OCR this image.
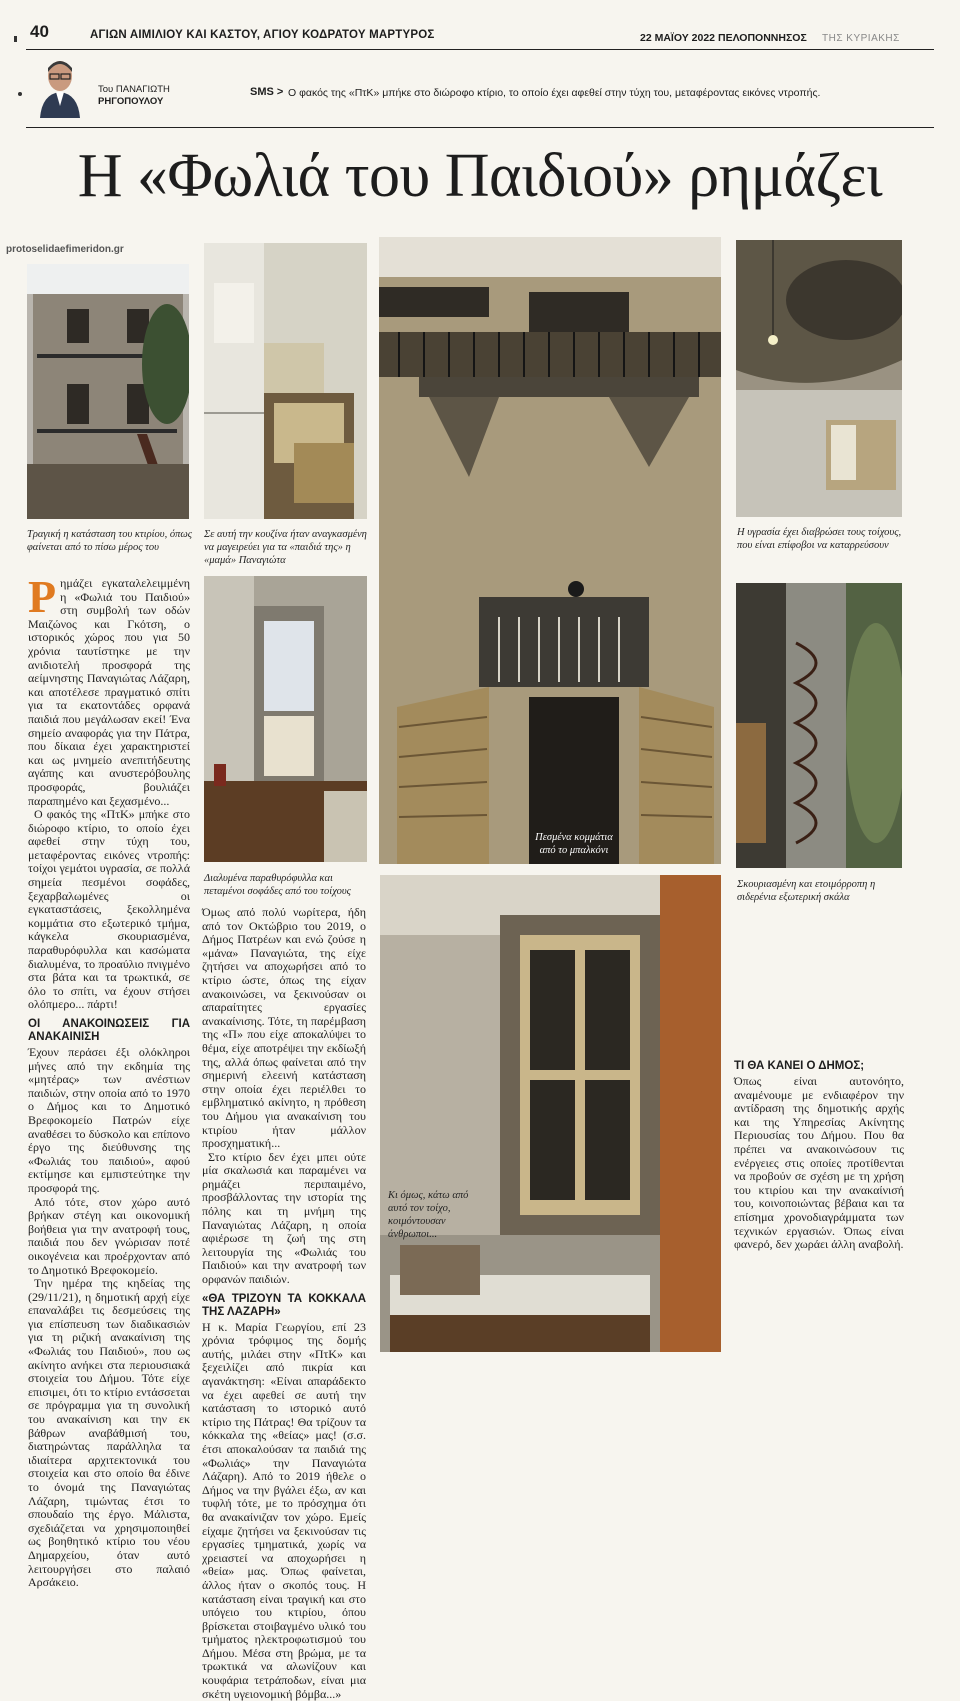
40	ΑΓΙΩΝ ΑΙΜΙΛΙΟΥ ΚΑΙ ΚΑΣΤΟΥ, ΑΓΙΟΥ ΚΟΔΡΑΤΟΥ ΜΑΡΤΥΡΟΣ	22 ΜΑΪΟΥ 2022 ΠΕΛΟΠΟΝΝΗΣΟΣ ΤΗΣ ΚΥΡΙΑΚΗΣ
Του ΠΑΝΑΓΙΩΤΗ
ΡΗΓΟΠΟΥΛΟΥ
SMS > Ο φακός της «ΠτΚ» μπήκε στο διώροφο κτίριο, το οποίο έχει αφεθεί στην τύχη του, μεταφέροντας εικόνες ντροπής.
Η «Φωλιά του Παιδιού» ρημάζει
protoselidaefimeridon.gr
Τραγική η κατάσταση του κτιρίου, όπως φαίνεται από το πίσω μέρος του
Σε αυτή την κουζίνα ήταν αναγκασμένη να μαγειρεύει για τα «παιδιά της» η «μαμά» Παναγιώτα
Πεσμένα κομμάτια από το μπαλκόνι
Η υγρασία έχει διαβρώσει τους τοίχους, που είναι επίφοβοι να καταρρεύσουν
Διαλυμένα παραθυρόφυλλα και πεταμένοι σοφάδες από του τοίχους
Σκουριασμένη και ετοιμόρροπη η σιδερένια εξωτερική σκάλα
Κι όμως, κάτω από αυτό τον τοίχο, κοιμόντουσαν άνθρωποι...

Ρημάζει εγκαταλελειμμένη η «Φωλιά του Παιδιού» στη συμβολή των οδών Μαιζώνος και Γκότση, ο ιστορικός χώρος που για 50 χρόνια ταυτίστηκε με την ανιδιοτελή προσφορά της αείμνηστης Παναγιώτας Λάζαρη, και αποτέλεσε πραγματικό σπίτι για τα εκατοντάδες ορφανά παιδιά που μεγάλωσαν εκεί! Ένα σημείο αναφοράς για την Πάτρα, που δίκαια έχει χαρακτηριστεί και ως μνημείο ανεπιτήδευτης αγάπης και ανυστερόβουλης προσφοράς, βουλιάζει παραπημένο και ξεχασμένο...

Ο φακός της «ΠτΚ» μπήκε στο διώροφο κτίριο, το οποίο έχει αφεθεί στην τύχη του, μεταφέροντας εικόνες ντροπής: τοίχοι γεμάτοι υγρασία, σε πολλά σημεία πεσμένοι σοφάδες, ξεχαρβαλωμένες οι εγκαταστάσεις, ξεκολλημένα κομμάτια στο εξωτερικό τμήμα, κάγκελα σκουριασμένα, παραθυρόφυλλα και κασώματα διαλυμένα, το προαύλιο πνιγμένο στα βάτα και τα τρωκτικά, σε όλο το σπίτι, να έχουν στήσει ολόπμερο... πάρτι!

ΟΙ ΑΝΑΚΟΙΝΩΣΕΙΣ ΓΙΑ ΑΝΑΚΑΙΝΙΣΗ

Έχουν περάσει έξι ολόκληροι μήνες από την εκδημία της «μητέρας» των ανέστιων παιδιών, στην οποία από το 1970 ο Δήμος και το Δημοτικό Βρεφοκομείο Πατρών είχε αναθέσει το δύσκολο και επίπονο έργο της διεύθυνσης της «Φωλιάς του παιδιού», αφού εκτίμησε και εμπιστεύτηκε την προσφορά της.

Από τότε, στον χώρο αυτό βρήκαν στέγη και οικονομική βοήθεια για την ανατροφή τους, παιδιά που δεν γνώρισαν ποτέ οικογένεια και προέρχονταν από το Δημοτικό Βρεφοκομείο.

Την ημέρα της κηδείας της (29/11/21), η δημοτική αρχή είχε επαναλάβει τις δεσμεύσεις της για επίσπευση των διαδικασιών για τη ριζική ανακαίνιση της «Φωλιάς του Παιδιού», που ως ακίνητο ανήκει στα περιουσιακά στοιχεία του Δήμου. Τότε είχε επισιμει, ότι το κτίριο εντάσσεται σε πρόγραμμα για τη συνολική του ανακαίνιση και την εκ βάθρων αναβάθμισή του, διατηρώντας παράλληλα τα ιδιαίτερα αρχιτεκτονικά του στοιχεία και στο οποίο θα έδινε το όνομά της Παναγιώτας Λάζαρη, τιμώντας έτσι το σπουδαίο της έργο. Μάλιστα, σχεδιάζεται να χρησιμοποιηθεί ως βοηθητικό κτίριο του νέου Δημαρχείου, όταν αυτό λειτουργήσει στο παλαιό Αρσάκειο.

Όμως από πολύ νωρίτερα, ήδη από τον Οκτώβριο του 2019, ο Δήμος Πατρέων και ενώ ζούσε η «μάνα» Παναγιώτα, της είχε ζητήσει να αποχωρήσει από το κτίριο ώστε, όπως της είχαν ανακοινώσει, να ξεκινούσαν οι απαραίτητες εργασίες ανακαίνισης. Τότε, τη παρέμβαση της «Π» που είχε αποκαλύψει το θέμα, είχε αποτρέψει την εκδίωξή της, αλλά όπως φαίνεται από την σημερινή ελεεινή κατάσταση στην οποία έχει περιέλθει το εμβληματικό ακίνητο, η πρόθεση του Δήμου για ανακαίνιση του κτιρίου ήταν μάλλον προσχηματική...

Στο κτίριο δεν έχει μπει ούτε μία σκαλωσιά και παραμένει να ρημάζει περιπαιμένο, προσβάλλοντας την ιστορία της πόλης και τη μνήμη της Παναγιώτας Λάζαρη, η οποία αφιέρωσε τη ζωή της στη λειτουργία της «Φωλιάς του Παιδιού» και την ανατροφή των ορφανών παιδιών.

«ΘΑ ΤΡΙΖΟΥΝ ΤΑ ΚΟΚΚΑΛΑ ΤΗΣ ΛΑΖΑΡΗ»

Η κ. Μαρία Γεωργίου, επί 23 χρόνια τρόφιμος της δομής αυτής, μιλάει στην «ΠτΚ» και ξεχειλίζει από πικρία και αγανάκτηση: «Είναι απαράδεκτο να έχει αφεθεί σε αυτή την κατάσταση το ιστορικό αυτό κτίριο της Πάτρας! Θα τρίζουν τα κόκκαλα της «θείας» μας! (σ.σ. έτσι αποκαλούσαν τα παιδιά της «Φωλιάς» την Παναγιώτα Λάζαρη). Από το 2019 ήθελε ο Δήμος να την βγάλει έξω, αν και τυφλή τότε, με το πρόσχημα ότι θα ανακαίνιζαν τον χώρο. Εμείς είχαμε ζητήσει να ξεκινούσαν τις εργασίες τμηματικά, χωρίς να χρειαστεί να αποχωρήσει η «θεία» μας. Όπως φαίνεται, άλλος ήταν ο σκοπός τους. Η κατάσταση είναι τραγική και στο υπόγειο του κτιρίου, όπου βρίσκεται στοιβαγμένο υλικό του τμήματος ηλεκτροφωτισμού του Δήμου. Μέσα στη βρώμα, με τα τρωκτικά να αλωνίζουν και κουφάρια τετράποδων, είναι μια σκέτη υγειονομική βόμβα...»

ΤΙ ΘΑ ΚΑΝΕΙ Ο ΔΗΜΟΣ;

Όπως είναι αυτονόητο, αναμένουμε με ενδιαφέρον την αντίδραση της δημοτικής αρχής και της Υπηρεσίας Ακίνητης Περιουσίας του Δήμου. Που θα πρέπει να ανακοινώσουν τις ενέργειες στις οποίες προτίθενται να προβούν σε σχέση με τη χρήση του κτιρίου και την ανακαίνισή του, κοινοποιώντας βέβαια και τα επίσημα χρονοδιαγράμματα των τεχνικών εργασιών. Όπως είναι φανερό, δεν χωράει άλλη αναβολή.
